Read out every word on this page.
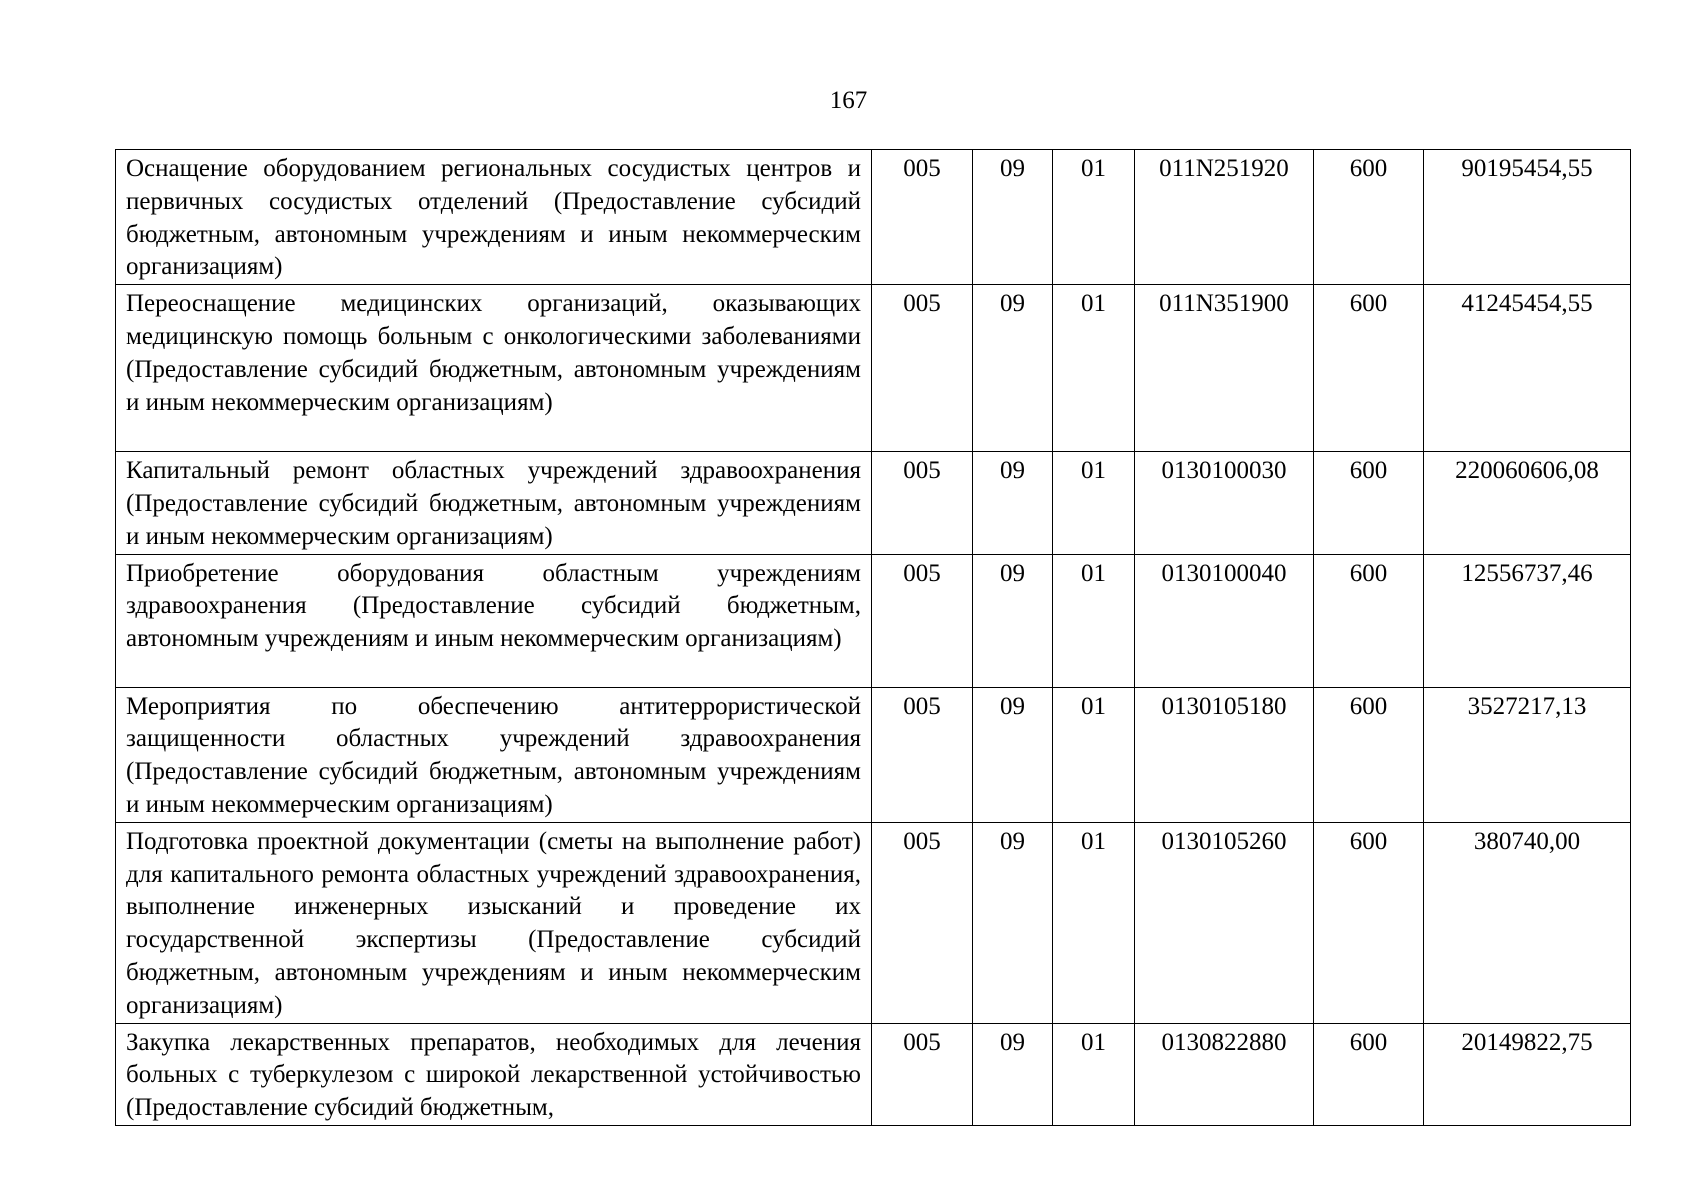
167
Оснащение оборудованием региональных сосудистых центров и первичных сосудистых отделений (Предоставление субсидий бюджетным, автономным учреждениям и иным некоммерческим организациям)	005	09	01	011N251920	600	90195454,55
Переоснащение медицинских организаций, оказывающих медицинскую помощь больным с онкологическими заболеваниями (Предоставление субсидий бюджетным, автономным учреждениям и иным некоммерческим организациям)	005	09	01	011N351900	600	41245454,55
Капитальный ремонт областных учреждений здравоохранения (Предоставление субсидий бюджетным, автономным учреждениям и иным некоммерческим организациям)	005	09	01	0130100030	600	220060606,08
Приобретение оборудования областным учреждениям здравоохранения (Предоставление субсидий бюджетным, автономным учреждениям и иным некоммерческим организациям)	005	09	01	0130100040	600	12556737,46
Мероприятия по обеспечению антитеррористической защищенности областных учреждений здравоохранения (Предоставление субсидий бюджетным, автономным учреждениям и иным некоммерческим организациям)	005	09	01	0130105180	600	3527217,13
Подготовка проектной документации (сметы на выполнение работ) для капитального ремонта областных учреждений здравоохранения, выполнение инженерных изысканий и проведение их государственной экспертизы (Предоставление субсидий бюджетным, автономным учреждениям и иным некоммерческим организациям)	005	09	01	0130105260	600	380740,00
Закупка лекарственных препаратов, необходимых для лечения больных с туберкулезом с широкой лекарственной устойчивостью (Предоставление субсидий бюджетным,	005	09	01	0130822880	600	20149822,75
